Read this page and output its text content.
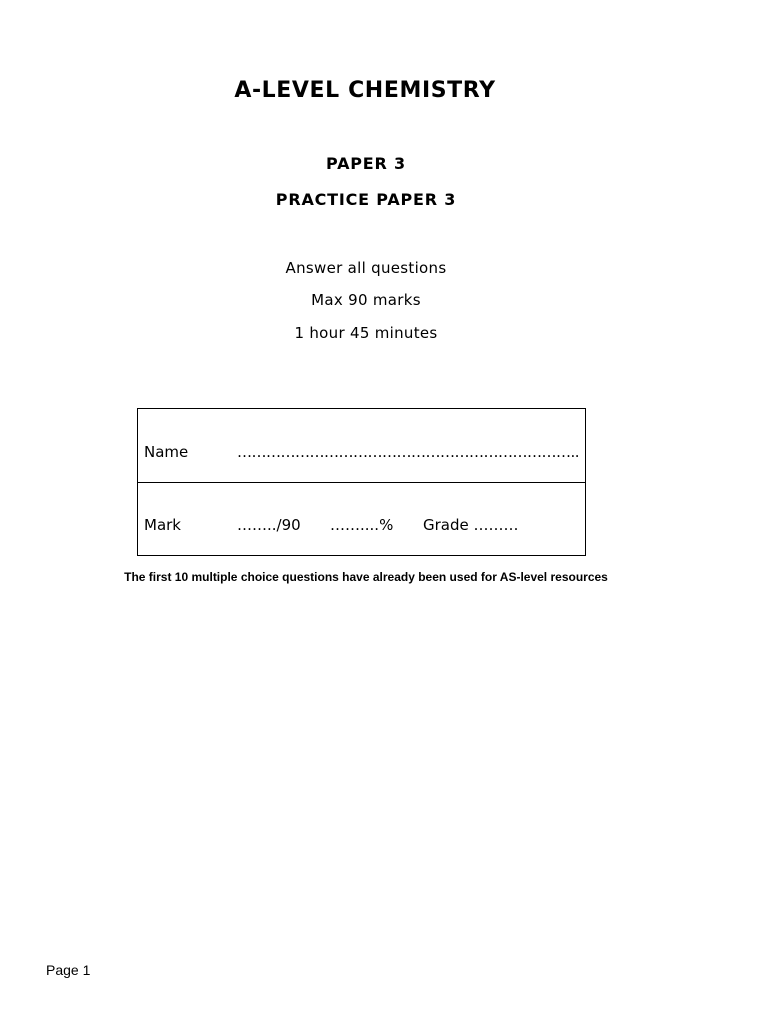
A-LEVEL CHEMISTRY
PAPER 3
PRACTICE PAPER 3
Answer all questions
Max 90 marks
1 hour 45 minutes
Name	……………………………………………………………..
Mark	……../90 ……....% Grade ………
The first 10 multiple choice questions have already been used for AS-level resources
Page 1
